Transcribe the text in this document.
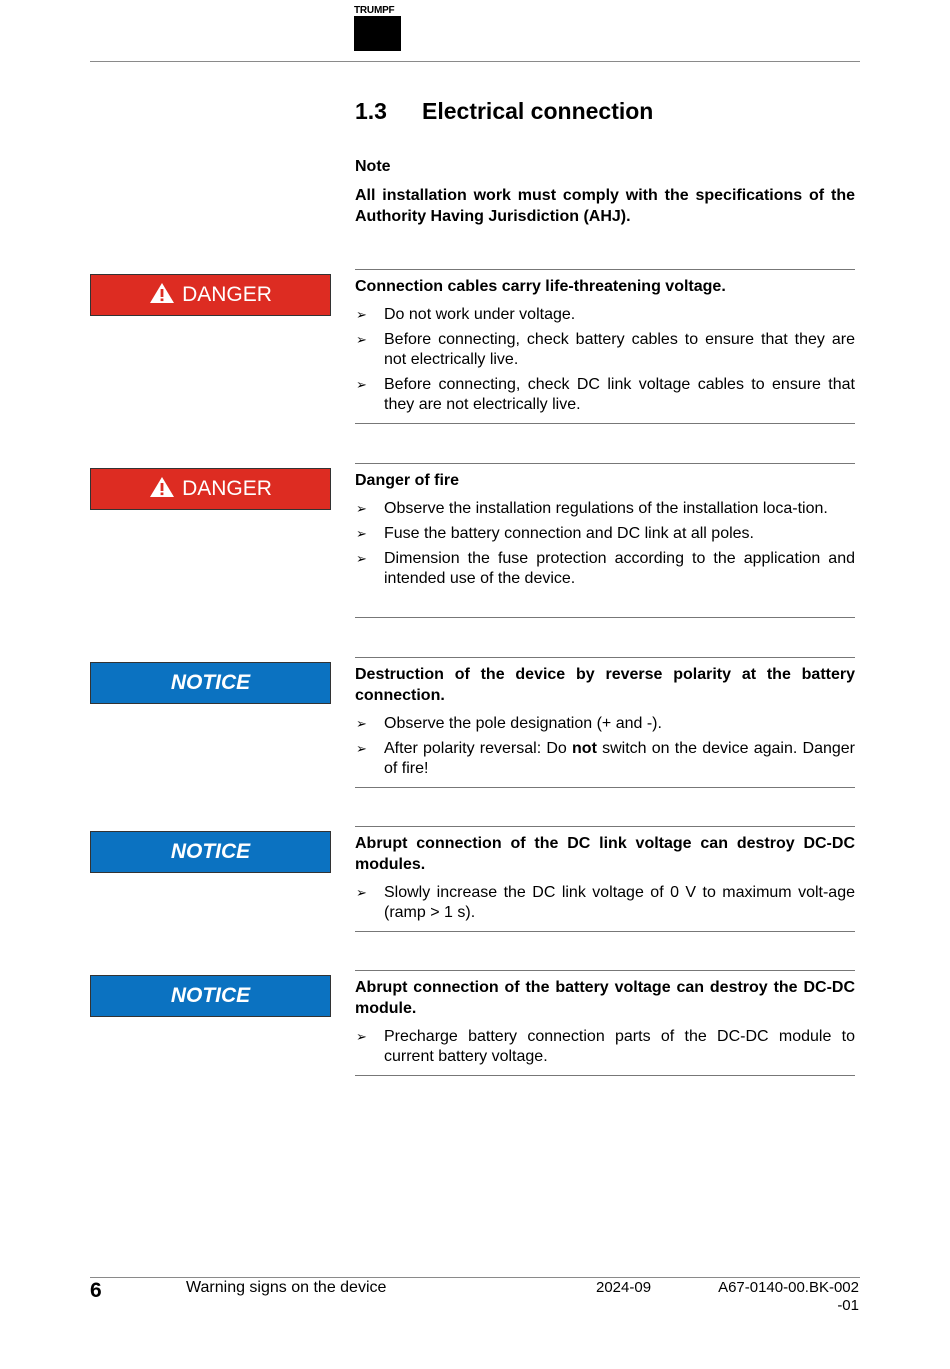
TRUMPF
1.3 Electrical connection

Note

All installation work must comply with the specifications of the Authority Having Jurisdiction (AHJ).

DANGER	Connection cables carry life-threatening voltage.

➢ Do not work under voltage.
➢ Before connecting, check battery cables to ensure that they are not electrically live.
➢ Before connecting, check DC link voltage cables to ensure that they are not electrically live.
DANGER	Danger of fire

➢ Observe the installation regulations of the installation loca-tion.
➢ Fuse the battery connection and DC link at all poles.
➢ Dimension the fuse protection according to the application and intended use of the device.
NOTICE	Destruction of the device by reverse polarity at the battery connection.

➢ Observe the pole designation (+ and -).
➢ After polarity reversal: Do not switch on the device again. Danger of fire!
NOTICE	Abrupt connection of the DC link voltage can destroy DC-DC modules.

➢ Slowly increase the DC link voltage of 0 V to maximum volt-age (ramp > 1 s).
NOTICE	Abrupt connection of the battery voltage can destroy the DC-DC module.

➢ Precharge battery connection parts of the DC-DC module to current battery voltage.
6	Warning signs on the device	2024-09	A67-0140-00.BK-002
-01
